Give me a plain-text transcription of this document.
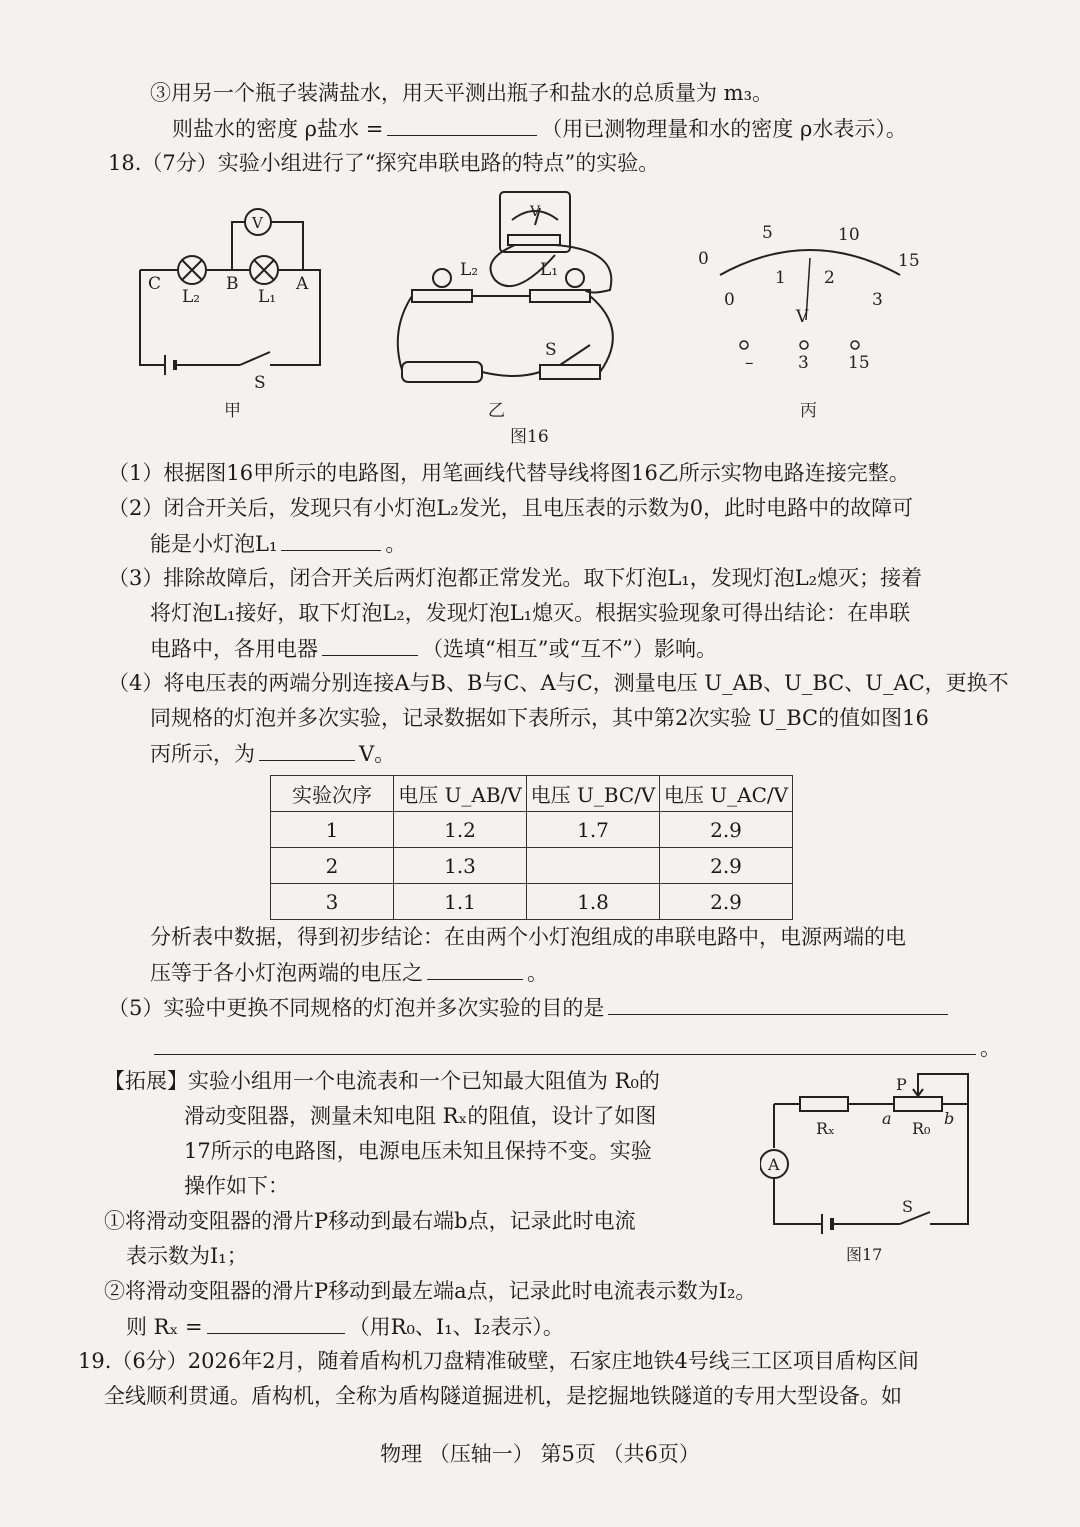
③用另一个瓶子装满盐水，用天平测出瓶子和盐水的总质量为 m₃。
则盐水的密度 ρ盐水 =	（用已测物理量和水的密度 ρ水表示）。
18.（7分）实验小组进行了“探究串联电路的特点”的实验。
C	B	A
L₂	L₁
V
S
L₂	L₁
V
S
0
5	10
15
0
1 2
3
V
–	3 15
甲	乙	丙
图16
（1）根据图16甲所示的电路图，用笔画线代替导线将图16乙所示实物电路连接完整。
（2）闭合开关后，发现只有小灯泡L₂发光，且电压表的示数为0，此时电路中的故障可
能是小灯泡L₁	。
（3）排除故障后，闭合开关后两灯泡都正常发光。取下灯泡L₁，发现灯泡L₂熄灭；接着
将灯泡L₁接好，取下灯泡L₂，发现灯泡L₁熄灭。根据实验现象可得出结论：在串联
电路中，各用电器	（选填“相互”或“互不”）影响。
（4）将电压表的两端分别连接A与B、B与C、A与C，测量电压 U_AB、U_BC、U_AC，更换不
同规格的灯泡并多次实验，记录数据如下表所示，其中第2次实验 U_BC的值如图16
丙所示，为	V。
实验次序	电压 U_AB/V	电压 U_BC/V	电压 U_AC/V
1	1.2	1.7	2.9
2	1.3		2.9
3	1.1	1.8	2.9
分析表中数据，得到初步结论：在由两个小灯泡组成的串联电路中，电源两端的电
压等于各小灯泡两端的电压之	。
（5）实验中更换不同规格的灯泡并多次实验的目的是
。
【拓展】实验小组用一个电流表和一个已知最大阻值为 R₀的
滑动变阻器，测量未知电阻 Rₓ的阻值，设计了如图
17所示的电路图，电源电压未知且保持不变。实验
操作如下：
①将滑动变阻器的滑片P移动到最右端b点，记录此时电流
表示数为I₁；
P
a	b
Rₓ	R₀
A
S
图17
②将滑动变阻器的滑片P移动到最左端a点，记录此时电流表示数为I₂。
则 Rₓ =	（用R₀、I₁、I₂表示）。
19.（6分）2026年2月，随着盾构机刀盘精准破壁，石家庄地铁4号线三工区项目盾构区间
全线顺利贯通。盾构机，全称为盾构隧道掘进机，是挖掘地铁隧道的专用大型设备。如
物理 （压轴一） 第5页 （共6页）
